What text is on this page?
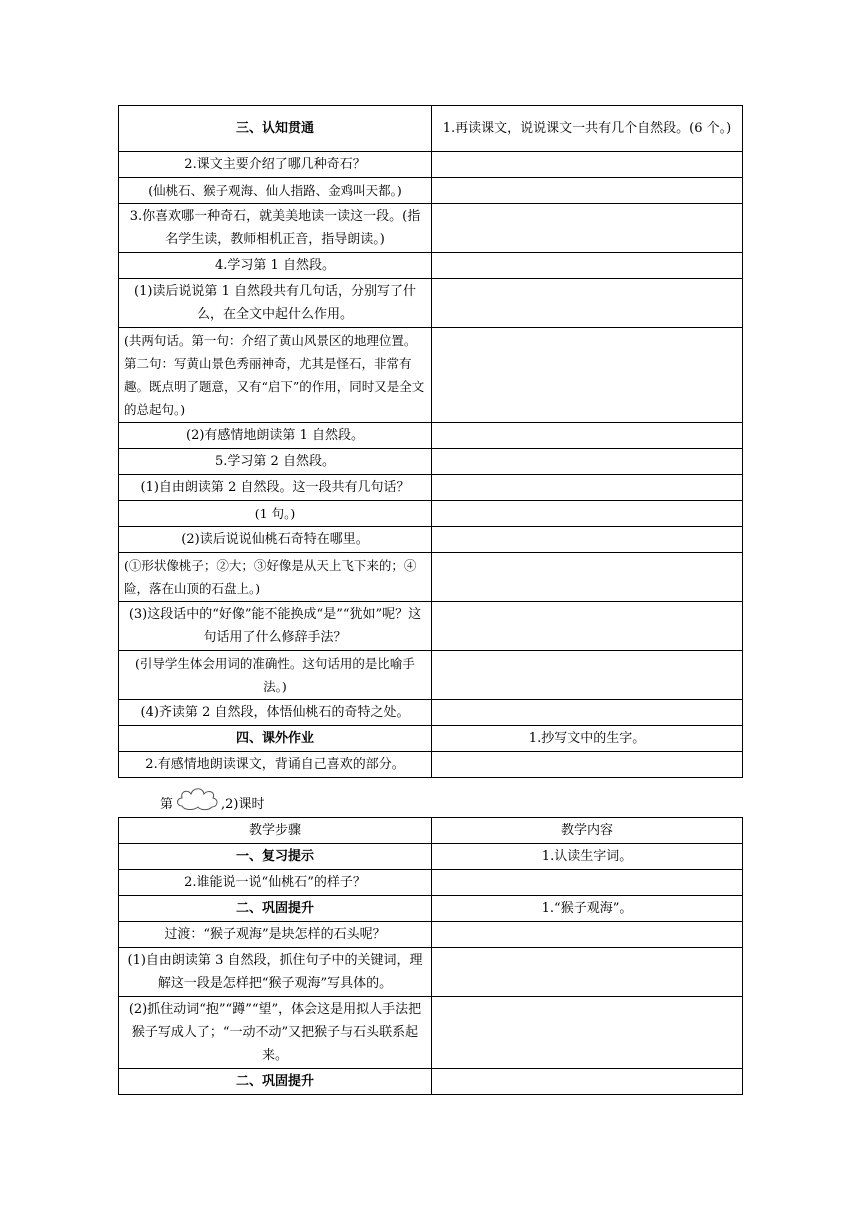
三、认知贯通	1.再读课文，说说课文一共有几个自然段。(6 个。)
2.课文主要介绍了哪几种奇石？	
(仙桃石、猴子观海、仙人指路、金鸡叫天都。)	
3.你喜欢哪一种奇石，就美美地读一读这一段。(指名学生读，教师相机正音，指导朗读。)	
4.学习第 1 自然段。	
(1)读后说说第 1 自然段共有几句话，分别写了什么，在全文中起什么作用。	
(共两句话。第一句：介绍了黄山风景区的地理位置。第二句：写黄山景色秀丽神奇，尤其是怪石，非常有趣。既点明了题意，又有“启下”的作用，同时又是全文的总起句。)	
(2)有感情地朗读第 1 自然段。	
5.学习第 2 自然段。	
(1)自由朗读第 2 自然段。这一段共有几句话？	
(1 句。)	
(2)读后说说仙桃石奇特在哪里。	
(①形状像桃子；②大；③好像是从天上飞下来的；④险，落在山顶的石盘上。)	
(3)这段话中的“好像”能不能换成“是”“犹如”呢？这句话用了什么修辞手法？	
(引导学生体会用词的准确性。这句话用的是比喻手法。)	
(4)齐读第 2 自然段，体悟仙桃石的奇特之处。	
四、课外作业	1.抄写文中的生字。
2.有感情地朗读课文，背诵自己喜欢的部分。	
第	,2)课时
教学步骤	教学内容
一、复习提示	1.认读生字词。
2.谁能说一说“仙桃石”的样子？	
二、巩固提升	1.“猴子观海”。
过渡：“猴子观海”是块怎样的石头呢？	
(1)自由朗读第 3 自然段，抓住句子中的关键词，理解这一段是怎样把“猴子观海”写具体的。	
(2)抓住动词“抱”“蹲”“望”，体会这是用拟人手法把猴子写成人了；“一动不动”又把猴子与石头联系起来。	
二、巩固提升	
